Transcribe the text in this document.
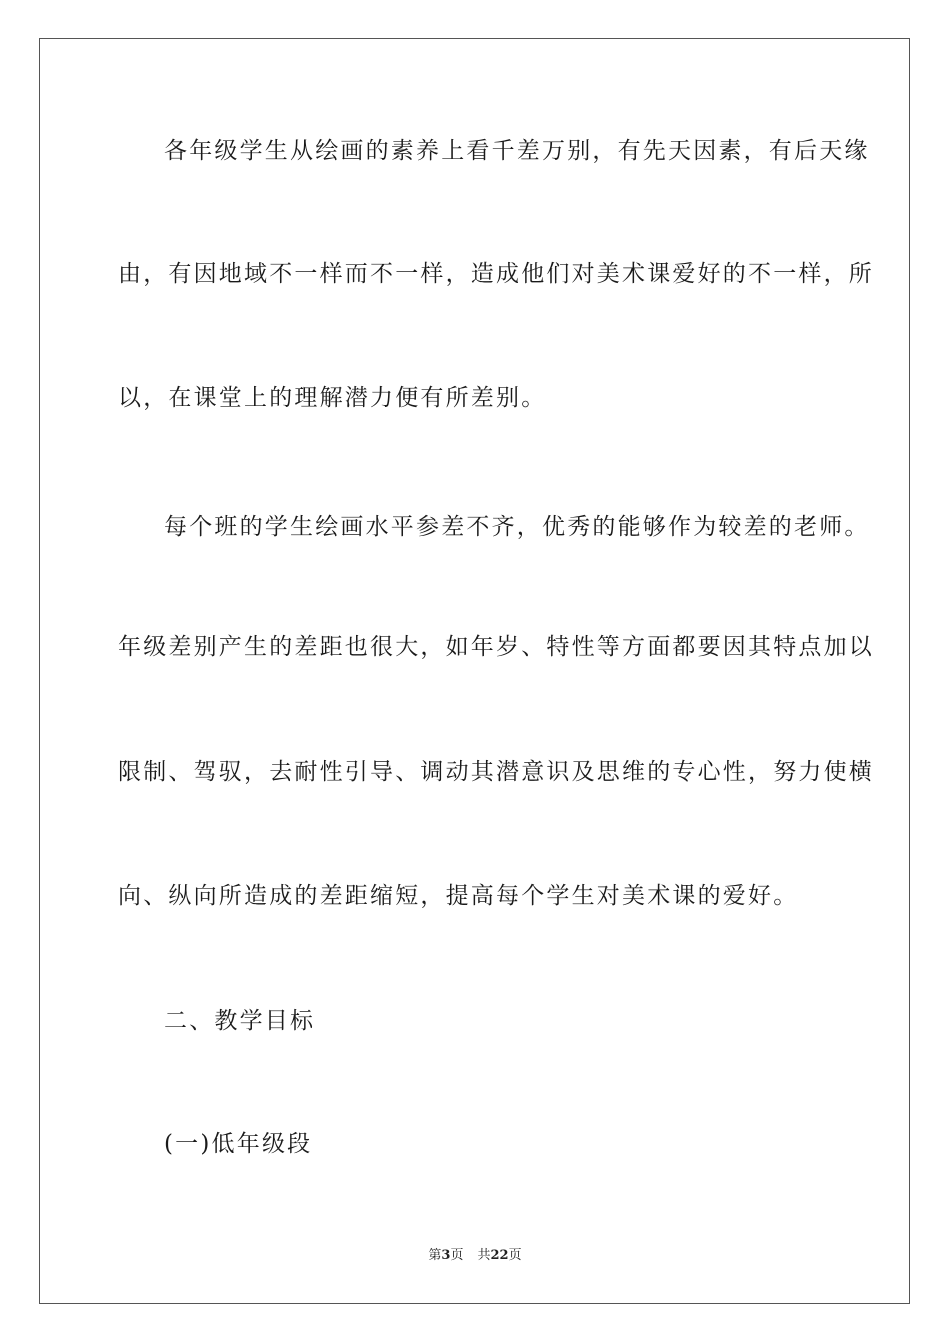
各年级学生从绘画的素养上看千差万别，有先天因素，有后天缘
由，有因地域不一样而不一样，造成他们对美术课爱好的不一样，所
以，在课堂上的理解潜力便有所差别。
每个班的学生绘画水平参差不齐，优秀的能够作为较差的老师。
年级差别产生的差距也很大，如年岁、特性等方面都要因其特点加以
限制、驾驭，去耐性引导、调动其潜意识及思维的专心性，努力使横
向、纵向所造成的差距缩短，提高每个学生对美术课的爱好。
二、教学目标
(一)低年级段
第3页 共22页
